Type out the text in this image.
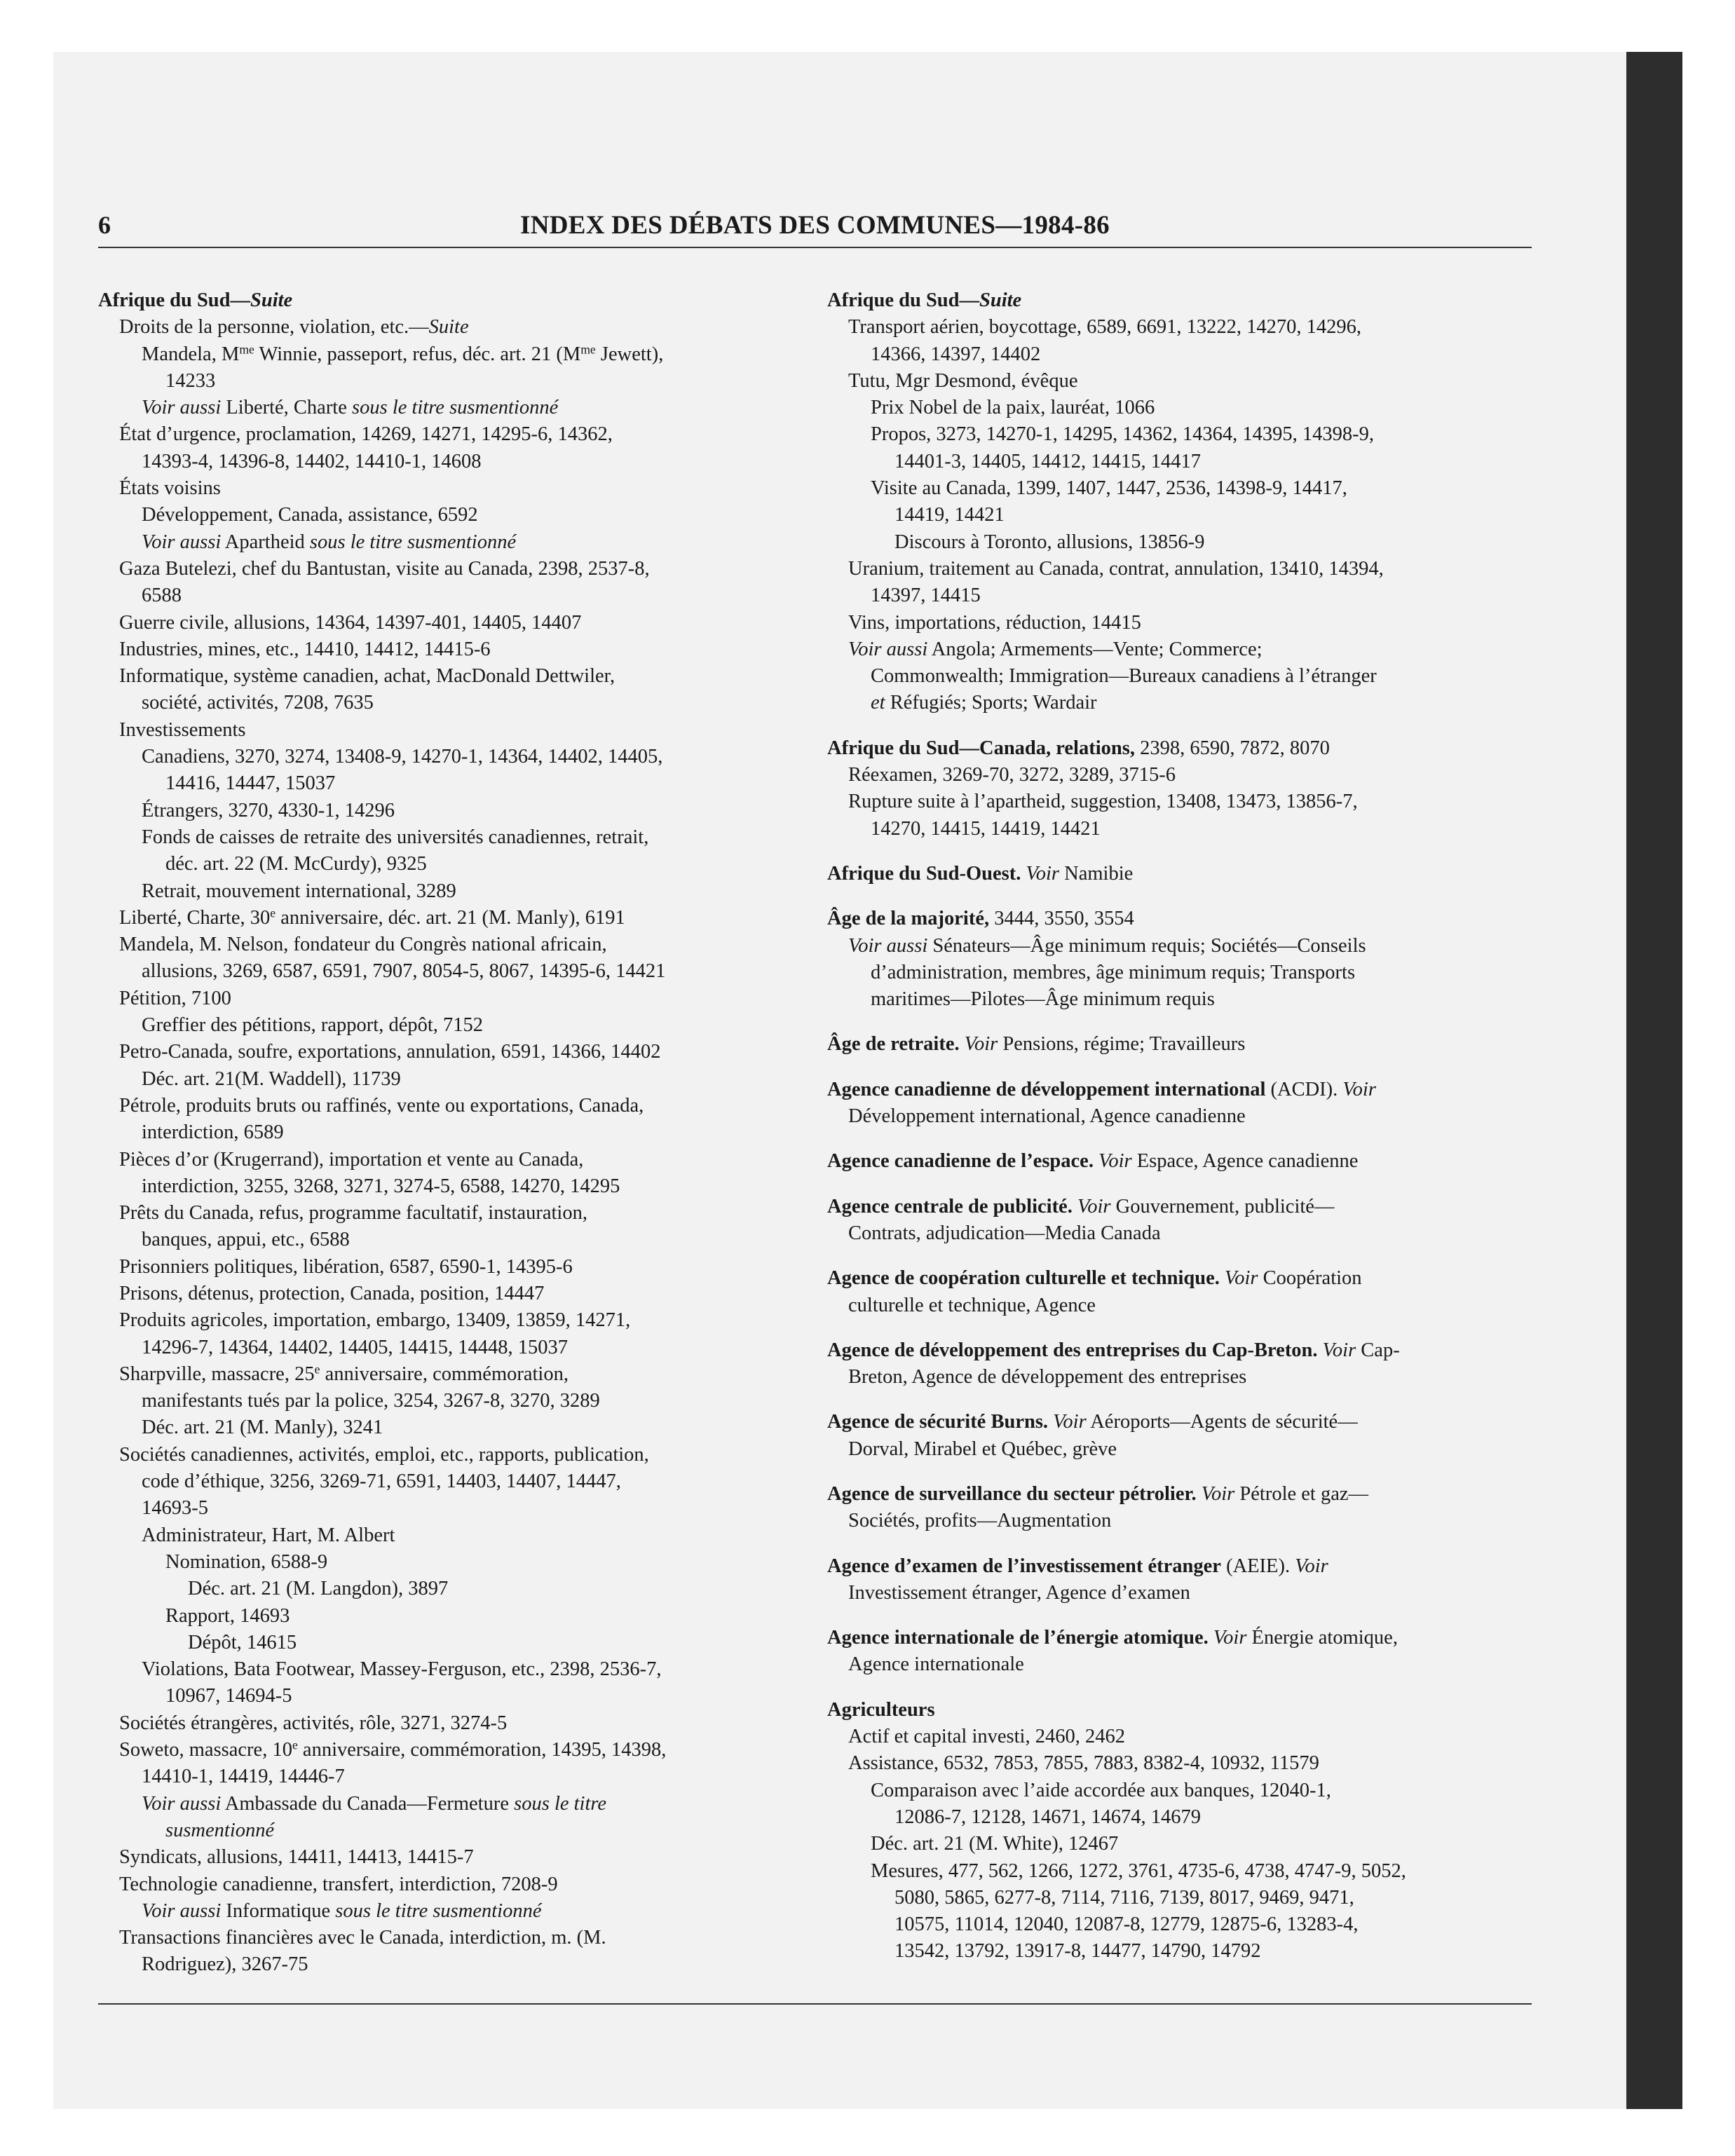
6	INDEX DES DÉBATS DES COMMUNES—1984-86
Afrique du Sud—Suite
Droits de la personne, violation, etc.—Suite
Mandela, $M^{me}$ Winnie, passeport, refus, déc. art. 21 ($M^{me}$ Jewett),
14233
Voir aussi Liberté, Charte sous le titre susmentionné
État d’urgence, proclamation, 14269, 14271, 14295-6, 14362,
14393-4, 14396-8, 14402, 14410-1, 14608
États voisins
Développement, Canada, assistance, 6592
Voir aussi Apartheid sous le titre susmentionné
Gaza Butelezi, chef du Bantustan, visite au Canada, 2398, 2537-8,
6588
Guerre civile, allusions, 14364, 14397-401, 14405, 14407
Industries, mines, etc., 14410, 14412, 14415-6
Informatique, système canadien, achat, MacDonald Dettwiler,
société, activités, 7208, 7635
Investissements
Canadiens, 3270, 3274, 13408-9, 14270-1, 14364, 14402, 14405,
14416, 14447, 15037
Étrangers, 3270, 4330-1, 14296
Fonds de caisses de retraite des universités canadiennes, retrait,
déc. art. 22 (M. McCurdy), 9325
Retrait, mouvement international, 3289
Liberté, Charte, 30e anniversaire, déc. art. 21 (M. Manly), 6191
Mandela, M. Nelson, fondateur du Congrès national africain,
allusions, 3269, 6587, 6591, 7907, 8054-5, 8067, 14395-6, 14421
Pétition, 7100
Greffier des pétitions, rapport, dépôt, 7152
Petro-Canada, soufre, exportations, annulation, 6591, 14366, 14402
Déc. art. 21(M. Waddell), 11739
Pétrole, produits bruts ou raffinés, vente ou exportations, Canada,
interdiction, 6589
Pièces d’or (Krugerrand), importation et vente au Canada,
interdiction, 3255, 3268, 3271, 3274-5, 6588, 14270, 14295
Prêts du Canada, refus, programme facultatif, instauration,
banques, appui, etc., 6588
Prisonniers politiques, libération, 6587, 6590-1, 14395-6
Prisons, détenus, protection, Canada, position, 14447
Produits agricoles, importation, embargo, 13409, 13859, 14271,
14296-7, 14364, 14402, 14405, 14415, 14448, 15037
Sharpville, massacre, 25e anniversaire, commémoration,
manifestants tués par la police, 3254, 3267-8, 3270, 3289
Déc. art. 21 (M. Manly), 3241
Sociétés canadiennes, activités, emploi, etc., rapports, publication,
code d’éthique, 3256, 3269-71, 6591, 14403, 14407, 14447,
14693-5
Administrateur, Hart, M. Albert
Nomination, 6588-9
Déc. art. 21 (M. Langdon), 3897
Rapport, 14693
Dépôt, 14615
Violations, Bata Footwear, Massey-Ferguson, etc., 2398, 2536-7,
10967, 14694-5
Sociétés étrangères, activités, rôle, 3271, 3274-5
Soweto, massacre, 10e anniversaire, commémoration, 14395, 14398,
14410-1, 14419, 14446-7
Voir aussi Ambassade du Canada—Fermeture sous le titre
susmentionné
Syndicats, allusions, 14411, 14413, 14415-7
Technologie canadienne, transfert, interdiction, 7208-9
Voir aussi Informatique sous le titre susmentionné
Transactions financières avec le Canada, interdiction, m. (M.
Rodriguez), 3267-75
Afrique du Sud—Suite
Transport aérien, boycottage, 6589, 6691, 13222, 14270, 14296,
14366, 14397, 14402
Tutu, Mgr Desmond, évêque
Prix Nobel de la paix, lauréat, 1066
Propos, 3273, 14270-1, 14295, 14362, 14364, 14395, 14398-9,
14401-3, 14405, 14412, 14415, 14417
Visite au Canada, 1399, 1407, 1447, 2536, 14398-9, 14417,
14419, 14421
Discours à Toronto, allusions, 13856-9
Uranium, traitement au Canada, contrat, annulation, 13410, 14394,
14397, 14415
Vins, importations, réduction, 14415
Voir aussi Angola; Armements—Vente; Commerce;
Commonwealth; Immigration—Bureaux canadiens à l’étranger
et Réfugiés; Sports; Wardair
Afrique du Sud—Canada, relations, 2398, 6590, 7872, 8070
Réexamen, 3269-70, 3272, 3289, 3715-6
Rupture suite à l’apartheid, suggestion, 13408, 13473, 13856-7,
14270, 14415, 14419, 14421
Afrique du Sud-Ouest. Voir Namibie
Âge de la majorité, 3444, 3550, 3554
Voir aussi Sénateurs—Âge minimum requis; Sociétés—Conseils
d’administration, membres, âge minimum requis; Transports
maritimes—Pilotes—Âge minimum requis
Âge de retraite. Voir Pensions, régime; Travailleurs
Agence canadienne de développement international (ACDI). Voir
Développement international, Agence canadienne
Agence canadienne de l’espace. Voir Espace, Agence canadienne
Agence centrale de publicité. Voir Gouvernement, publicité—
Contrats, adjudication—Media Canada
Agence de coopération culturelle et technique. Voir Coopération
culturelle et technique, Agence
Agence de développement des entreprises du Cap-Breton. Voir Cap-
Breton, Agence de développement des entreprises
Agence de sécurité Burns. Voir Aéroports—Agents de sécurité—
Dorval, Mirabel et Québec, grève
Agence de surveillance du secteur pétrolier. Voir Pétrole et gaz—
Sociétés, profits—Augmentation
Agence d’examen de l’investissement étranger (AEIE). Voir
Investissement étranger, Agence d’examen
Agence internationale de l’énergie atomique. Voir Énergie atomique,
Agence internationale
Agriculteurs
Actif et capital investi, 2460, 2462
Assistance, 6532, 7853, 7855, 7883, 8382-4, 10932, 11579
Comparaison avec l’aide accordée aux banques, 12040-1,
12086-7, 12128, 14671, 14674, 14679
Déc. art. 21 (M. White), 12467
Mesures, 477, 562, 1266, 1272, 3761, 4735-6, 4738, 4747-9, 5052,
5080, 5865, 6277-8, 7114, 7116, 7139, 8017, 9469, 9471,
10575, 11014, 12040, 12087-8, 12779, 12875-6, 13283-4,
13542, 13792, 13917-8, 14477, 14790, 14792
